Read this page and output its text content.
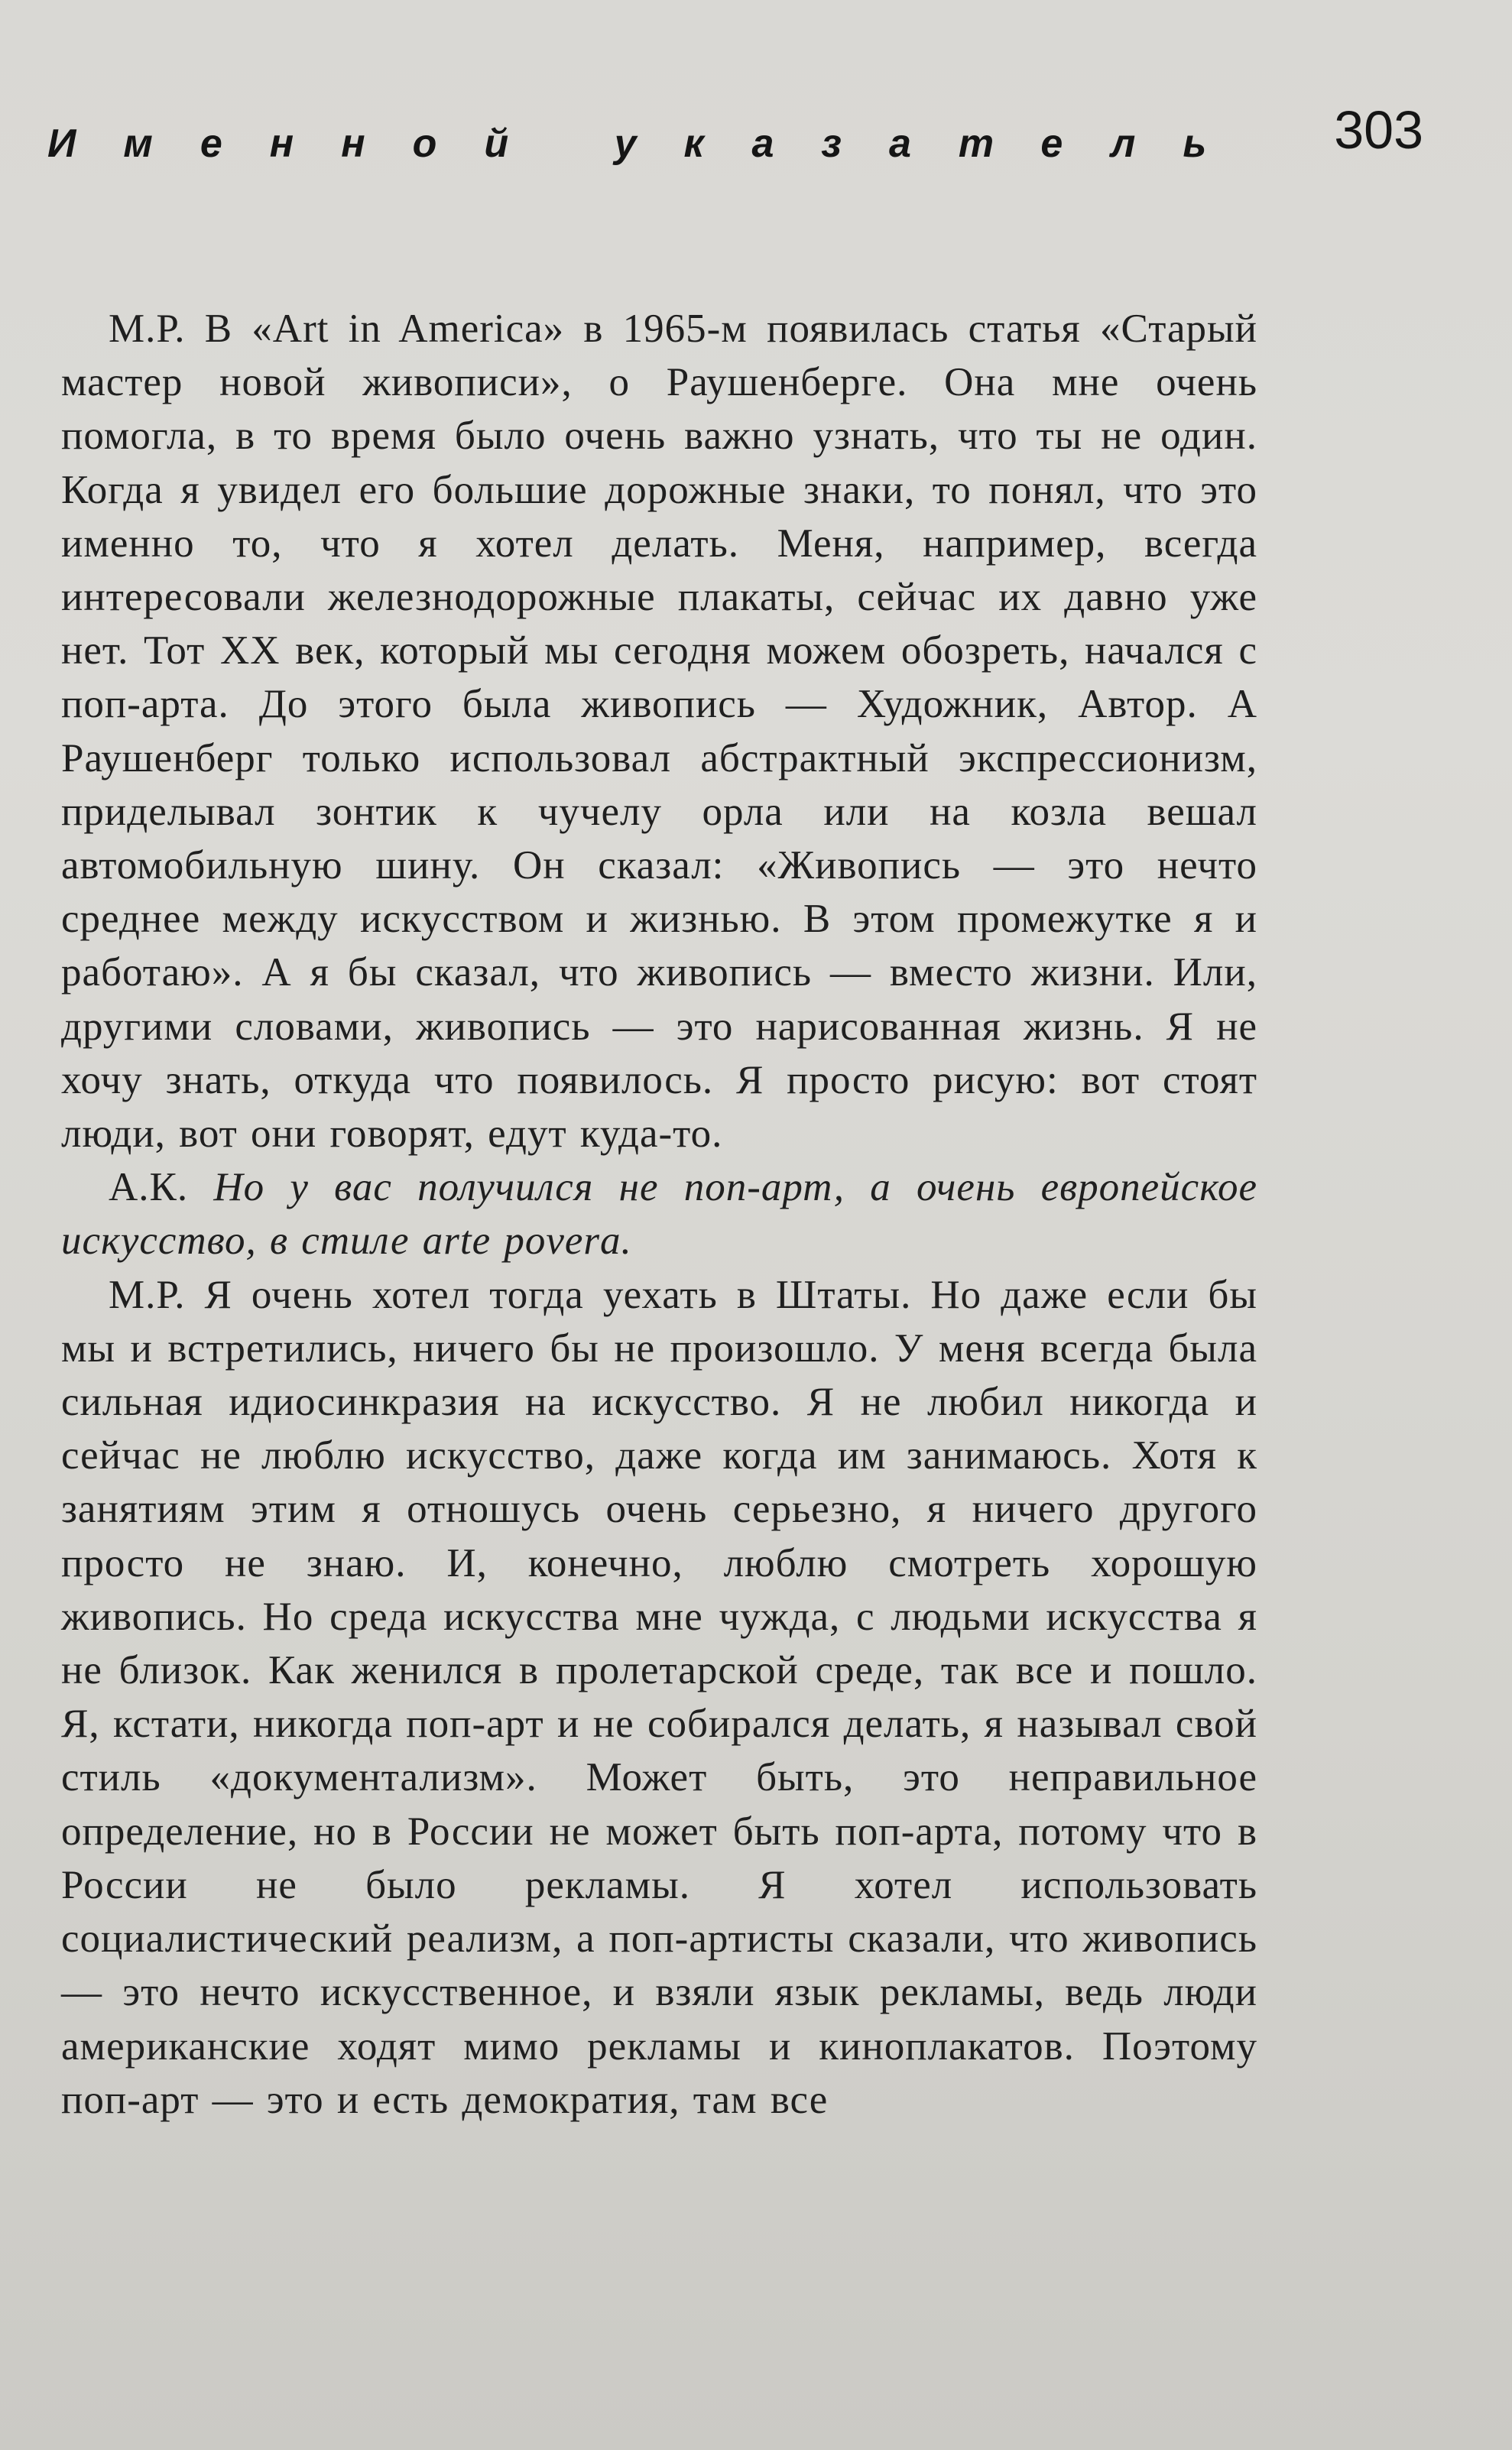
Именной указатель	303

М.Р. В «Art in America» в 1965-м появилась статья «Старый мастер новой живописи», о Раушенберге. Она мне очень помогла, в то время было очень важно узнать, что ты не один. Когда я увидел его большие дорожные знаки, то понял, что это именно то, что я хотел делать. Меня, например, всегда интересовали железнодорожные плакаты, сейчас их давно уже нет. Тот XX век, который мы сегодня можем обозреть, начался с поп-арта. До этого была живопись — Художник, Автор. А Раушенберг только использовал абстрактный экспрессионизм, приделывал зонтик к чучелу орла или на козла вешал автомобильную шину. Он сказал: «Живопись — это нечто среднее между искусством и жизнью. В этом промежутке я и работаю». А я бы сказал, что живопись — вместо жизни. Или, другими словами, живопись — это нарисованная жизнь. Я не хочу знать, откуда что появилось. Я просто рисую: вот стоят люди, вот они говорят, едут куда-то.

А.К. Но у вас получился не поп-арт, а очень европейское искусство, в стиле arte povera.

М.Р. Я очень хотел тогда уехать в Штаты. Но даже если бы мы и встретились, ничего бы не произошло. У меня всегда была сильная идиосинкразия на искусство. Я не любил никогда и сейчас не люблю искусство, даже когда им занимаюсь. Хотя к занятиям этим я отношусь очень серьезно, я ничего другого просто не знаю. И, конечно, люблю смотреть хорошую живопись. Но среда искусства мне чужда, с людьми искусства я не близок. Как женился в пролетарской среде, так все и пошло. Я, кстати, никогда поп-арт и не собирался делать, я называл свой стиль «документализм». Может быть, это неправильное определение, но в России не может быть поп-арта, потому что в России не было рекламы. Я хотел использовать социалистический реализм, а поп-артисты сказали, что живопись — это нечто искусственное, и взяли язык рекламы, ведь люди американские ходят мимо рекламы и киноплакатов. Поэтому поп-арт — это и есть демократия, там все
